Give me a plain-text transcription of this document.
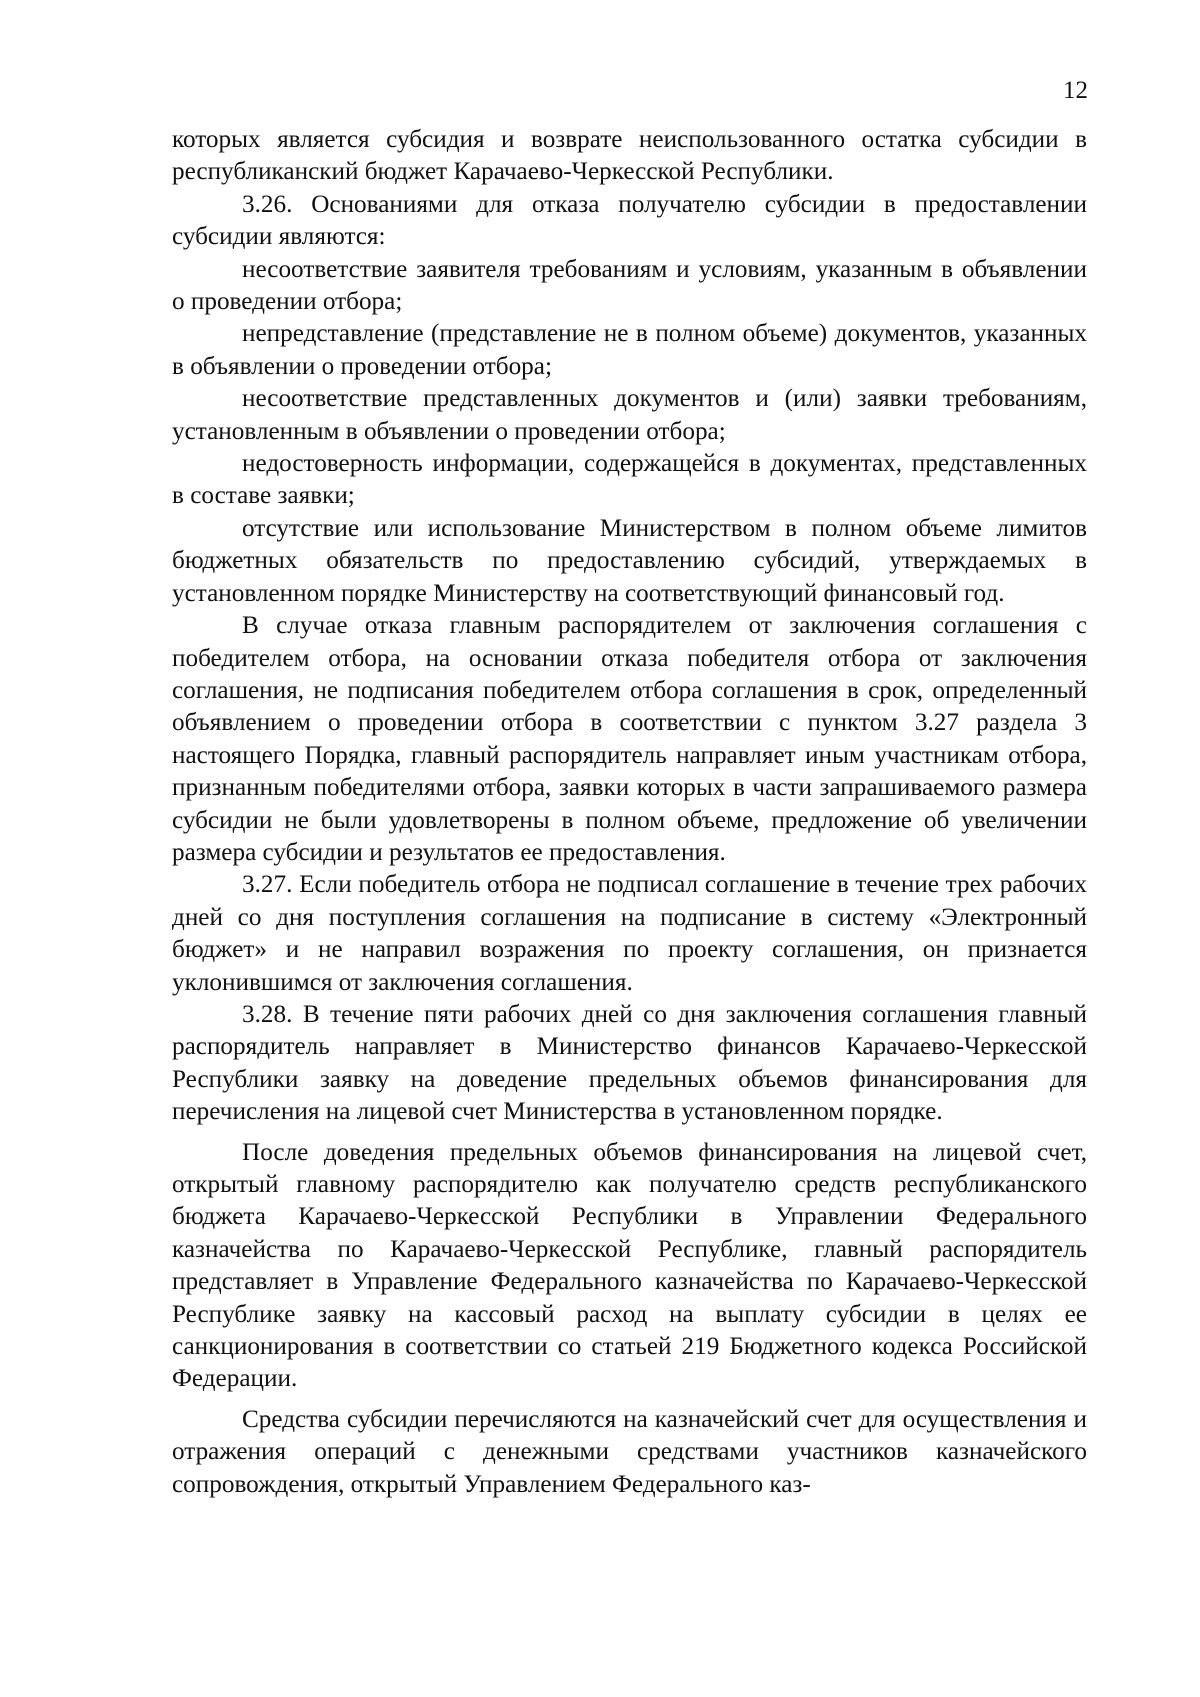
12

которых является субсидия и возврате неиспользованного остатка субсидии в республиканский бюджет Карачаево-Черкесской Республики.

3.26. Основаниями для отказа получателю субсидии в предоставлении субсидии являются:

несоответствие заявителя требованиям и условиям, указанным в объявлении о проведении отбора;

непредставление (представление не в полном объеме) документов, указанных в объявлении о проведении отбора;

несоответствие представленных документов и (или) заявки требованиям, установленным в объявлении о проведении отбора;

недостоверность информации, содержащейся в документах, представленных в составе заявки;

отсутствие или использование Министерством в полном объеме лимитов бюджетных обязательств по предоставлению субсидий, утверждаемых в установленном порядке Министерству на соответствующий финансовый год.

В случае отказа главным распорядителем от заключения соглашения с победителем отбора, на основании отказа победителя отбора от заключения соглашения, не подписания победителем отбора соглашения в срок, определенный объявлением о проведении отбора в соответствии с пунктом 3.27 раздела 3 настоящего Порядка, главный распорядитель направляет иным участникам отбора, признанным победителями отбора, заявки которых в части запрашиваемого размера субсидии не были удовлетворены в полном объеме, предложение об увеличении размера субсидии и результатов ее предоставления.

3.27. Если победитель отбора не подписал соглашение в течение трех рабочих дней со дня поступления соглашения на подписание в систему «Электронный бюджет» и не направил возражения по проекту соглашения, он признается уклонившимся от заключения соглашения.

3.28. В течение пяти рабочих дней со дня заключения соглашения главный распорядитель направляет в Министерство финансов Карачаево-Черкесской Республики заявку на доведение предельных объемов финансирования для перечисления на лицевой счет Министерства в установленном порядке.

После доведения предельных объемов финансирования на лицевой счет, открытый главному распорядителю как получателю средств республиканского бюджета Карачаево-Черкесской Республики в Управлении Федерального казначейства по Карачаево-Черкесской Республике, главный распорядитель представляет в Управление Федерального казначейства по Карачаево-Черкесской Республике заявку на кассовый расход на выплату субсидии в целях ее санкционирования в соответствии со статьей 219 Бюджетного кодекса Российской Федерации.

Средства субсидии перечисляются на казначейский счет для осуществления и отражения операций с денежными средствами участников казначейского сопровождения, открытый Управлением Федерального каз-
